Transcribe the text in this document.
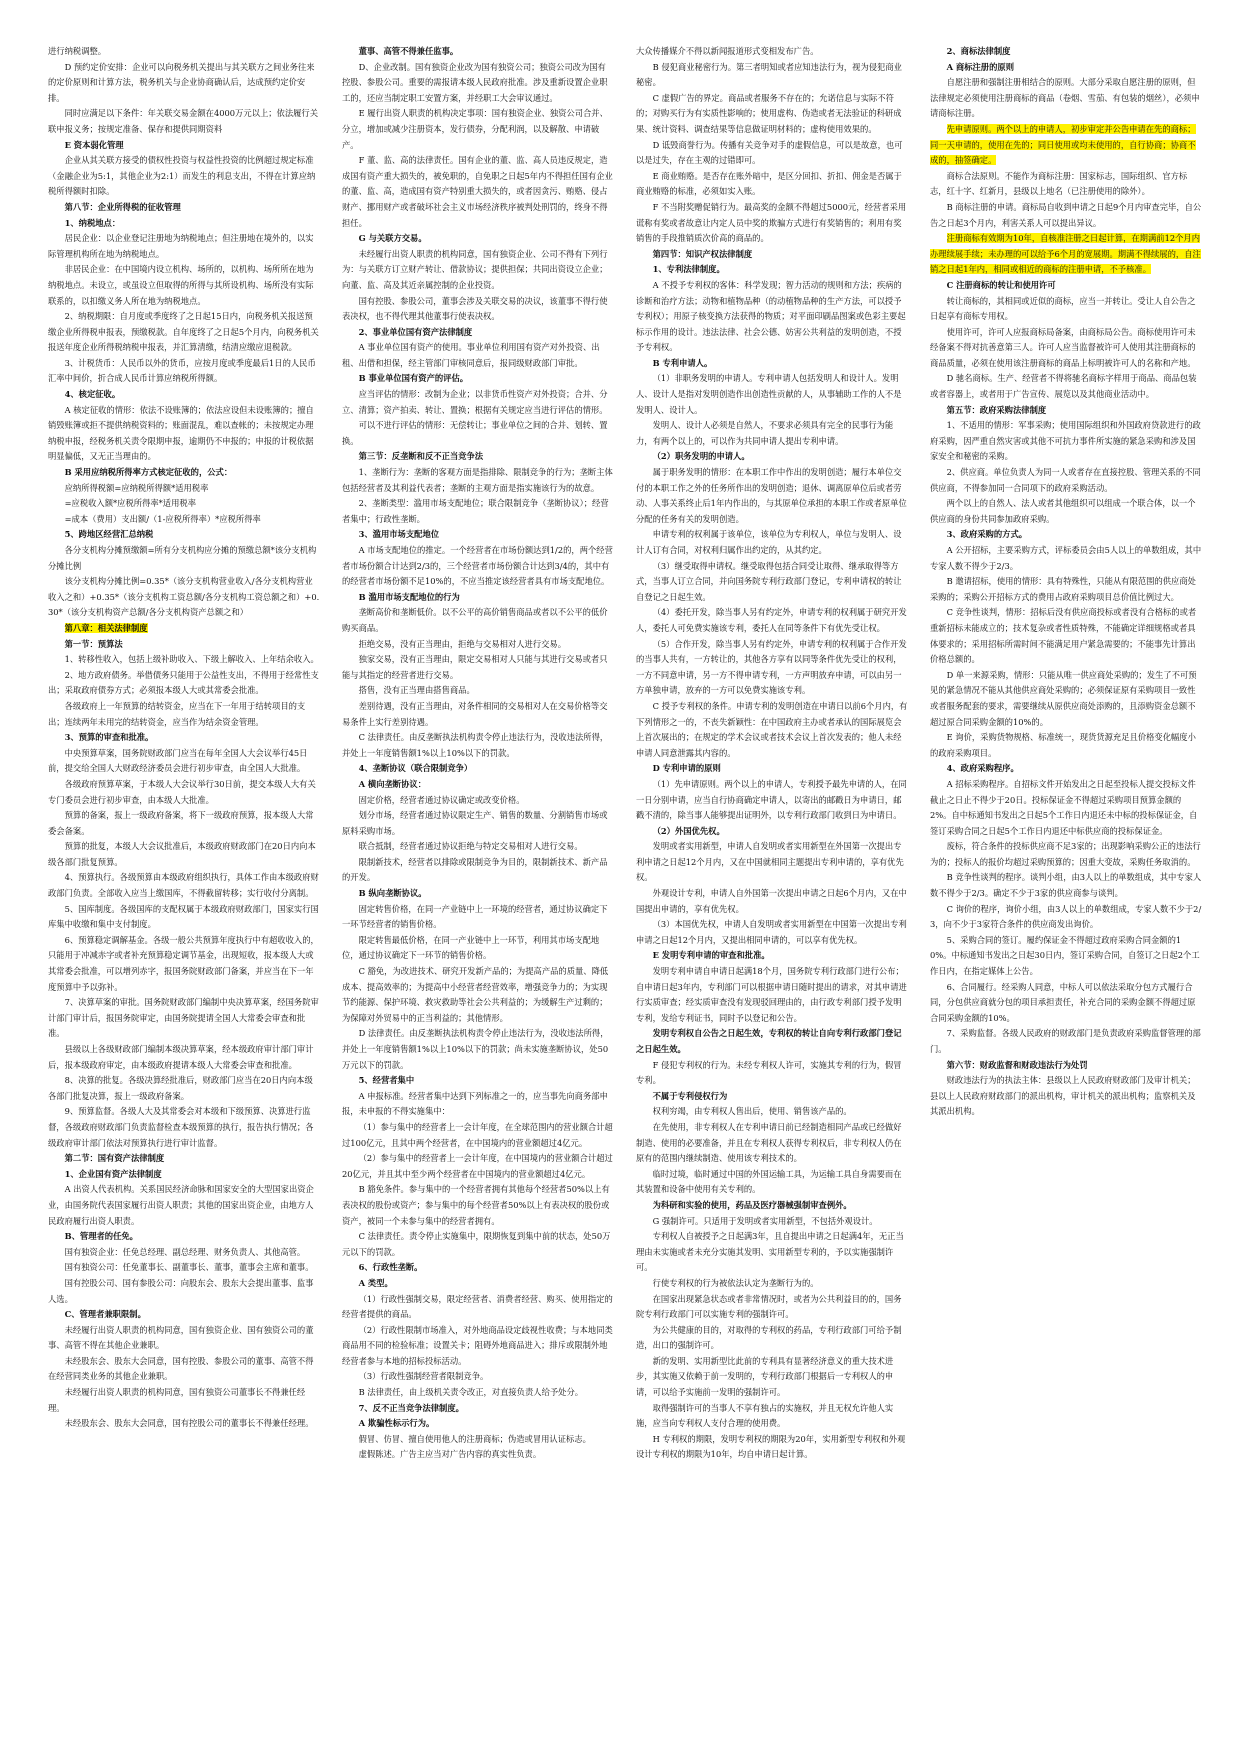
进行纳税调整。

D 预约定价安排：企业可以向税务机关提出与其关联方之间业务往来的定价原则和计算方法，税务机关与企业协商确认后，达成预约定价安排。

同时应满足以下条件：年关联交易金额在4000万元以上；依法履行关联申报义务；按规定准备、保存和提供同期资料

E 资本弱化管理

企业从其关联方接受的债权性投资与权益性投资的比例超过规定标准（金融企业为5:1，其他企业为2:1）而发生的利息支出，不得在计算应纳税所得额时扣除。

第八节：企业所得税的征收管理

1、纳税地点：

居民企业：以企业登记注册地为纳税地点；但注册地在境外的，以实际管理机构所在地为纳税地点。

非居民企业：在中国境内设立机构、场所的，以机构、场所所在地为纳税地点。未设立，或虽设立但取得的所得与其所设机构、场所没有实际联系的，以扣缴义务人所在地为纳税地点。

2、纳税期限：自月度或季度终了之日起15日内，向税务机关报送预缴企业所得税申报表，预缴税款。自年度终了之日起5个月内，向税务机关报送年度企业所得税纳税申报表，并汇算清缴，结清应缴应退税款。

3、计税货币：人民币以外的货币，应按月度或季度最后1日的人民币汇率中间价，折合成人民币计算应纳税所得额。

4、核定征收。

A 核定征收的情形：依法不设账簿的；依法应设但未设账簿的；擅自销毁账簿或拒不提供纳税资料的；账面混乱，难以查帐的；未按规定办理纳税申报，经税务机关责令限期申报，逾期仍不申报的；申报的计税依据明显偏低，又无正当理由的。

B 采用应纳税所得率方式核定征收的，公式：

应纳所得税额=应纳税所得额*适用税率

=应税收入额*应税所得率*适用税率

=成本（费用）支出额/（1-应税所得率）*应税所得率

5、跨地区经营汇总纳税

各分支机构分摊预缴额=所有分支机构应分摊的预缴总额*该分支机构分摊比例

该分支机构分摊比例=0.35*（该分支机构营业收入/各分支机构营业收入之和）+0.35*（该分支机构工资总额/各分支机构工资总额之和）+0.30*（该分支机构资产总额/各分支机构资产总额之和）

第八章：相关法律制度

第一节：预算法

1、转移性收入，包括上级补助收入、下级上解收入、上年结余收入。

2、地方政府债务。举借债务只能用于公益性支出，不得用于经常性支出；采取政府债券方式；必须报本级人大或其常委会批准。

各级政府上一年预算的结转资金，应当在下一年用于结转项目的支出；连续两年未用完的结转资金，应当作为结余资金管理。

3、预算的审查和批准。

中央预算草案，国务院财政部门应当在每年全国人大会议举行45日前，提交给全国人大财政经济委员会进行初步审查，由全国人大批准。

各级政府预算草案，于本级人大会议举行30日前，提交本级人大有关专门委员会进行初步审查，由本级人大批准。

预算的备案，报上一级政府备案，将下一级政府预算，报本级人大常委会备案。

预算的批复，本级人大会议批准后，本级政府财政部门在20日内向本级各部门批复预算。

4、预算执行。各级预算由本级政府组织执行，具体工作由本级政府财政部门负责。全部收入应当上缴国库，不得截留转移；实行收付分离制。

5、国库制度。各级国库的支配权属于本级政府财政部门，国家实行国库集中收缴和集中支付制度。

6、预算稳定调解基金。各级一般公共预算年度执行中有超收收入的，只能用于冲减赤字或者补充预算稳定调节基金，出现短收，报本级人大或其常委会批准，可以增列赤字，报国务院财政部门备案，并应当在下一年度预算中予以弥补。

7、决算草案的审批。国务院财政部门编制中央决算草案，经国务院审计部门审计后，报国务院审定，由国务院提请全国人大常委会审查和批准。

县级以上各级财政部门编制本级决算草案，经本级政府审计部门审计后，报本级政府审定，由本级政府提请本级人大常委会审查和批准。

8、决算的批复。各级决算经批准后，财政部门应当在20日内向本级各部门批复决算，报上一级政府备案。

9、预算监督。各级人大及其常委会对本级和下级预算、决算进行监督，各级政府财政部门负责监督检查本级预算的执行，报告执行情况；各级政府审计部门依法对预算执行进行审计监督。

第二节：国有资产法律制度

1、企业国有资产法律制度

A 出资人代表机构。关系国民经济命脉和国家安全的大型国家出资企业，由国务院代表国家履行出资人职责；其他的国家出资企业，由地方人民政府履行出资人职责。

B、管理者的任免。

国有独资企业：任免总经理、副总经理、财务负责人、其他高管。

国有独资公司：任免董事长、副董事长、董事，董事会主席和董事。

国有控股公司、国有参股公司：向股东会、股东大会提出董事、监事人选。

C、管理者兼职限制。

未经履行出资人职责的机构同意，国有独资企业、国有独资公司的董事、高管不得在其他企业兼职。

未经股东会、股东大会同意，国有控股、参股公司的董事、高管不得在经营同类业务的其他企业兼职。

未经履行出资人职责的机构同意，国有独资公司董事长不得兼任经理。

未经股东会、股东大会同意，国有控股公司的董事长不得兼任经理。

董事、高管不得兼任监事。

D、企业改制。国有独资企业改为国有独资公司；独资公司改为国有控股、参股公司。重要的需报请本级人民政府批准。涉及重新设置企业职工的，还应当制定职工安置方案，并经职工大会审议通过。

E 履行出资人职责的机构决定事项：国有独资企业、独资公司合并、分立，增加或减少注册资本，发行债券，分配利润，以及解散、申请破产。

F 董、监、高的法律责任。国有企业的董、监、高人员违反规定，造成国有资产重大损失的，被免职的，自免职之日起5年内不得担任国有企业的董、监、高，造成国有资产特别重大损失的，或者因贪污、贿赂、侵占财产、挪用财产或者破坏社会主义市场经济秩序被判处刑罚的，终身不得担任。

G 与关联方交易。

未经履行出资人职责的机构同意，国有独资企业、公司不得有下列行为：与关联方订立财产转让、借款协议；提供担保；共同出资设立企业；向董、监、高及其近亲属控制的企业投资。

国有控股、参股公司，董事会涉及关联交易的决议，该董事不得行使表决权，也不得代理其他董事行使表决权。

2、事业单位国有资产法律制度

A 事业单位国有资产的使用。事业单位利用国有资产对外投资、出租、出借和担保，经主管部门审核同意后，报同级财政部门审批。

B 事业单位国有资产的评估。

应当评估的情形：改制为企业；以非货币性资产对外投资；合并、分立、清算；资产拍卖、转让、置换；根据有关规定应当进行评估的情形。

可以不进行评估的情形：无偿转让；事业单位之间的合并、划转、置换。

第三节：反垄断和反不正当竞争法

1、垄断行为：垄断的客观方面是指排除、限制竞争的行为；垄断主体包括经营者及其利益代表者；垄断的主观方面是指实施该行为的故意。

2、垄断类型：滥用市场支配地位；联合限制竞争（垄断协议）；经营者集中；行政性垄断。

3、滥用市场支配地位

A 市场支配地位的推定。一个经营者在市场份额达到1/2的，两个经营者市场份额合计达到2/3的，三个经营者市场份额合计达到3/4的，其中有的经营者市场份额不足10%的，不应当推定该经营者具有市场支配地位。

B 滥用市场支配地位的行为

垄断高价和垄断低价。以不公平的高价销售商品或者以不公平的低价购买商品。

拒绝交易，没有正当理由，拒绝与交易相对人进行交易。

独家交易，没有正当理由，限定交易相对人只能与其进行交易或者只能与其指定的经营者进行交易。

搭售，没有正当理由搭售商品。

差别待遇，没有正当理由，对条件相同的交易相对人在交易价格等交易条件上实行差别待遇。

C 法律责任。由反垄断执法机构责令停止违法行为，没收违法所得，并处上一年度销售额1%以上10%以下的罚款。

4、垄断协议（联合限制竞争）

A 横向垄断协议：

固定价格，经营者通过协议确定或改变价格。

划分市场，经营者通过协议限定生产、销售的数量、分割销售市场或原料采购市场。

联合抵制，经营者通过协议拒绝与特定交易相对人进行交易。

限制新技术，经营者以排除或限制竞争为目的，限制新技术、新产品的开发。

B 纵向垄断协议。

固定转售价格，在同一产业链中上一环境的经营者，通过协议确定下一环节经营者的销售价格。

限定转售最低价格，在同一产业链中上一环节，利用其市场支配地位，通过协议确定下一环节的销售价格。

C 豁免，为改进技术、研究开发新产品的；为提高产品的质量、降低成本、提高效率的；为提高中小经营者经营效率，增强竞争力的；为实现节约能源、保护环境、救灾救助等社会公共利益的；为缓解生产过剩的；为保障对外贸易中的正当利益的；其他情形。

D 法律责任。由反垄断执法机构责令停止违法行为，没收违法所得，并处上一年度销售额1%以上10%以下的罚款；尚未实施垄断协议，处50万元以下的罚款。

5、经营者集中

A 申报标准。经营者集中达到下列标准之一的，应当事先向商务部申报，未申报的不得实施集中：

（1）参与集中的经营者上一会计年度，在全球范围内的营业额合计超过100亿元，且其中两个经营者，在中国境内的营业额超过4亿元。

（2）参与集中的经营者上一会计年度，在中国境内的营业额合计超过20亿元，并且其中至少两个经营者在中国境内的营业额超过4亿元。

B 豁免条件。参与集中的一个经营者拥有其他每个经营者50%以上有表决权的股份或资产；参与集中的每个经营者50%以上有表决权的股份或资产，被同一个未参与集中的经营者拥有。

C 法律责任。责令停止实施集中，限期恢复到集中前的状态，处50万元以下的罚款。

6、行政性垄断。

A 类型。

（1）行政性强制交易，限定经营者、消费者经营、购买、使用指定的经营者提供的商品。

（2）行政性限制市场准入，对外地商品设定歧视性收费；与本地同类商品用不同的检验标准；设置关卡；阻碍外地商品进入；排斥或限制外地经营者参与本地的招标投标活动。

（3）行政性强制经营者限制竞争。

B 法律责任，由上级机关责令改正，对直接负责人给予处分。

7、反不正当竞争法律制度。

A 欺骗性标示行为。

假冒、仿冒、擅自使用他人的注册商标；伪造或冒用认证标志。

虚假陈述。广告主应当对广告内容的真实性负责。

大众传播媒介不得以新闻报道形式变相发布广告。

B 侵犯商业秘密行为。第三者明知或者应知违法行为，视为侵犯商业秘密。

C 虚假广告的界定。商品或者服务不存在的；允诺信息与实际不符的；对购买行为有实质性影响的；使用虚构、伪造或者无法验证的科研成果、统计资料、调查结果等信息做证明材料的；虚构使用效果的。

D 诋毁商誉行为。传播有关竞争对手的虚假信息，可以是故意，也可以是过失，存在主观的过错即可。

E 商业贿赂。是否存在账外暗中，是区分回扣、折扣、佣金是否属于商业贿赂的标准，必须如实入账。

F 不当附奖赠促销行为。最高奖的金额不得超过5000元，经营者采用谎称有奖或者故意让内定人员中奖的欺骗方式进行有奖销售的；利用有奖销售的手段推销质次价高的商品的。

第四节：知识产权法律制度

1、专利法律制度。

A 不授予专利权的客体：科学发现；智力活动的规则和方法；疾病的诊断和治疗方法；动物和植物品种（的动植物品种的生产方法，可以授予专利权）；用原子核变换方法获得的物质；对平面印刷品图案或色彩主要起标示作用的设计。违法法律、社会公德、妨害公共利益的发明创造，不授予专利权。

B 专利申请人。

（1）非职务发明的申请人。专利申请人包括发明人和设计人。发明人、设计人是指对发明创造作出创造性贡献的人，从事辅助工作的人不是发明人、设计人。

发明人、设计人必须是自然人，不要求必须具有完全的民事行为能力，有两个以上的，可以作为共同申请人提出专利申请。

（2）职务发明的申请人。

属于职务发明的情形：在本职工作中作出的发明创造；履行本单位交付的本职工作之外的任务所作出的发明创造；退休、调离原单位后或者劳动、人事关系终止后1年内作出的，与其原单位承担的本职工作或者原单位分配的任务有关的发明创造。

申请专利的权利属于该单位，该单位为专利权人，单位与发明人、设计人订有合同，对权利归属作出约定的，从其约定。

（3）继受取得申请权。继受取得包括合同受让取得、继承取得等方式，当事人订立合同，并向国务院专利行政部门登记，专利申请权的转让自登记之日起生效。

（4）委托开发，除当事人另有约定外，申请专利的权利属于研究开发人，委托人可免费实施该专利，委托人在同等条件下有优先受让权。

（5）合作开发，除当事人另有约定外，申请专利的权利属于合作开发的当事人共有，一方转让的，其他各方享有以同等条件优先受让的权利，一方不同意申请，另一方不得申请专利，一方声明放弃申请，可以由另一方单独申请，放弃的一方可以免费实施该专利。

C 授予专利权的条件。申请专利的发明创造在申请日以前6个月内，有下列情形之一的，不丧失新颖性：在中国政府主办或者承认的国际展览会上首次展出的；在规定的学术会议或者技术会议上首次发表的；他人未经申请人同意泄露其内容的。

D 专利申请的原则

（1）先申请原则。两个以上的申请人，专利授予最先申请的人，在同一日分别申请，应当自行协商确定申请人，以寄出的邮戳日为申请日，邮戳不清的，除当事人能够提出证明外，以专利行政部门收到日为申请日。

（2）外国优先权。

发明或者实用新型，申请人自发明或者实用新型在外国第一次提出专利申请之日起12个月内，又在中国就相同主题提出专利申请的，享有优先权。

外观设计专利，申请人自外国第一次提出申请之日起6个月内，又在中国提出申请的，享有优先权。

（3）本国优先权，申请人自发明或者实用新型在中国第一次提出专利申请之日起12个月内，又提出相同申请的，可以享有优先权。

E 发明专利申请的审查和批准。

发明专利申请自申请日起满18个月，国务院专利行政部门进行公布；自申请日起3年内，专利部门可以根据申请日随时提出的请求，对其申请进行实质审查；经实质审查没有发现驳回理由的，由行政专利部门授予发明专利，发给专利证书，同时予以登记和公告。

发明专利权自公告之日起生效，专利权的转让自向专利行政部门登记之日起生效。

F 侵犯专利权的行为。未经专利权人许可，实施其专利的行为，假冒专利。

不属于专利侵权行为

权利穷竭，由专利权人售出后，使用、销售该产品的。

在先使用，非专利权人在专利申请日前已经制造相同产品或已经做好制造、使用的必要准备，并且在专利权人获得专利权后，非专利权人仍在原有的范围内继续制造、使用该专利技术的。

临时过境，临时通过中国的外国运输工具，为运输工具自身需要而在其装置和设备中使用有关专利的。

为科研和实验的使用，药品及医疗器械强制审查例外。

G 强制许可。只适用于发明或者实用新型，不包括外观设计。

专利权人自被授予之日起满3年，且自提出申请之日起满4年，无正当理由未实施或者未充分实施其发明、实用新型专利的，予以实施强制许可。

行使专利权的行为被依法认定为垄断行为的。

在国家出现紧急状态或者非常情况时，或者为公共利益目的的，国务院专利行政部门可以实施专利的强制许可。

为公共健康的目的，对取得的专利权的药品，专利行政部门可给予制造，出口的强制许可。

新的发明、实用新型比此前的专利具有显著经济意义的重大技术进步，其实施又依赖于前一发明的，专利行政部门根据后一专利权人的申请，可以给予实施前一发明的强制许可。

取得强制许可的当事人不享有独占的实施权，并且无权允许他人实施，应当向专利权人支付合理的使用费。

H 专利权的期限，发明专利权的期限为20年，实用新型专利权和外观设计专利权的期限为10年，均自申请日起计算。

2、商标法律制度

A 商标注册的原则

自愿注册和强制注册相结合的原则。大部分采取自愿注册的原则，但法律规定必须使用注册商标的商品（卷烟、雪茄、有包装的烟丝），必须申请商标注册。

先申请原则。两个以上的申请人，初步审定并公告申请在先的商标；同一天申请的，使用在先的；同日使用或均未使用的，自行协商；协商不成的，抽签确定。

商标合法原则。不能作为商标注册：国家标志，国际组织、官方标志，红十字、红新月，县级以上地名（已注册使用的除外）。

B 商标注册的申请。商标局自收到申请之日起9个月内审查完毕，自公告之日起3个月内，利害关系人可以提出异议。

注册商标有效期为10年，自核准注册之日起计算，在期满前12个月内办理续展手续；未办理的可以给予6个月的宽展期。期满不得续展的，自注销之日起1年内，相同或相近的商标的注册申请，不予核准。

C 注册商标的转让和使用许可

转让商标的，其相同或近似的商标，应当一并转让。受让人自公告之日起享有商标专用权。

使用许可，许可人应报商标局备案，由商标局公告。商标使用许可未经备案不得对抗善意第三人。许可人应当监督被许可人使用其注册商标的商品质量，必须在使用该注册商标的商品上标明被许可人的名称和产地。

D 驰名商标。生产、经营者不得将驰名商标字样用于商品、商品包装或者容器上，或者用于广告宣传、展览以及其他商业活动中。

第五节：政府采购法律制度

1、不适用的情形：军事采购；使用国际组织和外国政府贷款进行的政府采购，因严重自然灾害或其他不可抗力事件所实施的紧急采购和涉及国家安全和秘密的采购。

2、供应商。单位负责人为同一人或者存在直接控股、管理关系的不同供应商，不得参加同一合同项下的政府采购活动。

两个以上的自然人、法人或者其他组织可以组成一个联合体，以一个供应商的身份共同参加政府采购。

3、政府采购的方式。

A 公开招标，主要采购方式，评标委员会由5人以上的单数组成，其中专家人数不得少于2/3。

B 邀请招标，使用的情形：具有特殊性，只能从有限范围的供应商处采购的；采购公开招标方式的费用占政府采购项目总价值比例过大。

C 竞争性谈判，情形：招标后没有供应商投标或者没有合格标的或者重新招标未能成立的；技术复杂或者性质特殊，不能确定详细规格或者具体要求的；采用招标所需时间不能满足用户紧急需要的；不能事先计算出价格总额的。

D 单一来源采购，情形：只能从唯一供应商处采购的；发生了不可预见的紧急情况不能从其他供应商处采购的；必须保证原有采购项目一致性或者服务配套的要求，需要继续从原供应商处添购的，且添购资金总额不超过原合同采购金额的10%的。

E 询价，采购货物规格、标准统一，现货货源充足且价格变化幅度小的政府采购项目。

4、政府采购程序。

A 招标采购程序。自招标文件开始发出之日起至投标人提交投标文件截止之日止不得少于20日。投标保证金不得超过采购项目预算金额的2%。自中标通知书发出之日起5个工作日内退还未中标的投标保证金，自签订采购合同之日起5个工作日内退还中标供应商的投标保证金。

废标，符合条件的投标供应商不足3家的；出现影响采购公正的违法行为的；投标人的报价均超过采购预算的；因重大变故，采购任务取消的。

B 竞争性谈判的程序。谈判小组，由3人以上的单数组成，其中专家人数不得少于2/3。确定不少于3家的供应商参与谈判。

C 询价的程序，询价小组，由3人以上的单数组成，专家人数不少于2/3，向不少于3家符合条件的供应商发出询价。

5、采购合同的签订。履约保证金不得超过政府采购合同金额的10%。中标通知书发出之日起30日内，签订采购合同，自签订之日起2个工作日内，在指定媒体上公告。

6、合同履行。经采购人同意，中标人可以依法采取分包方式履行合同，分包供应商就分包的项目承担责任，补充合同的采购金额不得超过原合同采购金额的10%。

7、采购监督。各级人民政府的财政部门是负责政府采购监督管理的部门。

第六节：财政监督和财政违法行为处罚

财政违法行为的执法主体：县级以上人民政府财政部门及审计机关；县以上人民政府财政部门的派出机构，审计机关的派出机构；监察机关及其派出机构。
